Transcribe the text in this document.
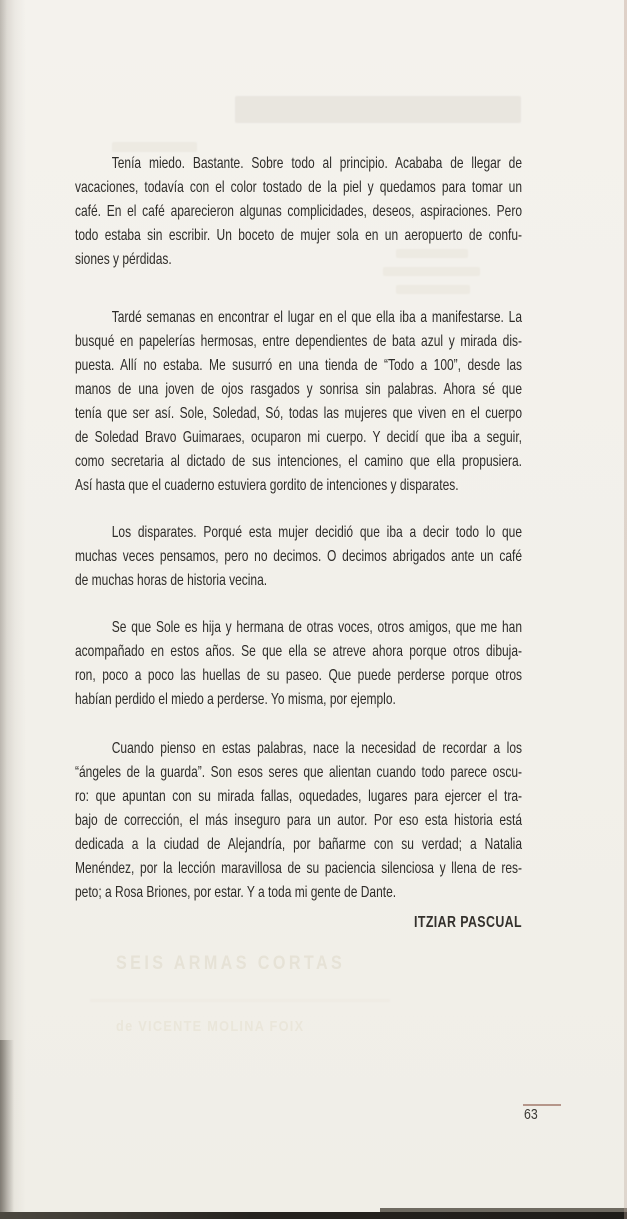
SEIS ARMAS CORTAS
de VICENTE MOLINA FOIX
Tenía miedo. Bastante. Sobre todo al principio. Acababa de llegar de
vacaciones, todavía con el color tostado de la piel y quedamos para tomar un
café. En el café aparecieron algunas complicidades, deseos, aspiraciones. Pero
todo estaba sin escribir. Un boceto de mujer sola en un aeropuerto de confu-
siones y pérdidas.
Tardé semanas en encontrar el lugar en el que ella iba a manifestarse. La
busqué en papelerías hermosas, entre dependientes de bata azul y mirada dis-
puesta. Allí no estaba. Me susurró en una tienda de “Todo a 100”, desde las
manos de una joven de ojos rasgados y sonrisa sin palabras. Ahora sé que
tenía que ser así. Sole, Soledad, Só, todas las mujeres que viven en el cuerpo
de Soledad Bravo Guimaraes, ocuparon mi cuerpo. Y decidí que iba a seguir,
como secretaria al dictado de sus intenciones, el camino que ella propusiera.
Así hasta que el cuaderno estuviera gordito de intenciones y disparates.
Los disparates. Porqué esta mujer decidió que iba a decir todo lo que
muchas veces pensamos, pero no decimos. O decimos abrigados ante un café
de muchas horas de historia vecina.
Se que Sole es hija y hermana de otras voces, otros amigos, que me han
acompañado en estos años. Se que ella se atreve ahora porque otros dibuja-
ron, poco a poco las huellas de su paseo. Que puede perderse porque otros
habían perdido el miedo a perderse. Yo misma, por ejemplo.
Cuando pienso en estas palabras, nace la necesidad de recordar a los
“ángeles de la guarda”. Son esos seres que alientan cuando todo parece oscu-
ro: que apuntan con su mirada fallas, oquedades, lugares para ejercer el tra-
bajo de corrección, el más inseguro para un autor. Por eso esta historia está
dedicada a la ciudad de Alejandría, por bañarme con su verdad; a Natalia
Menéndez, por la lección maravillosa de su paciencia silenciosa y llena de res-
peto; a Rosa Briones, por estar. Y a toda mi gente de Dante.
ITZIAR PASCUAL
63
